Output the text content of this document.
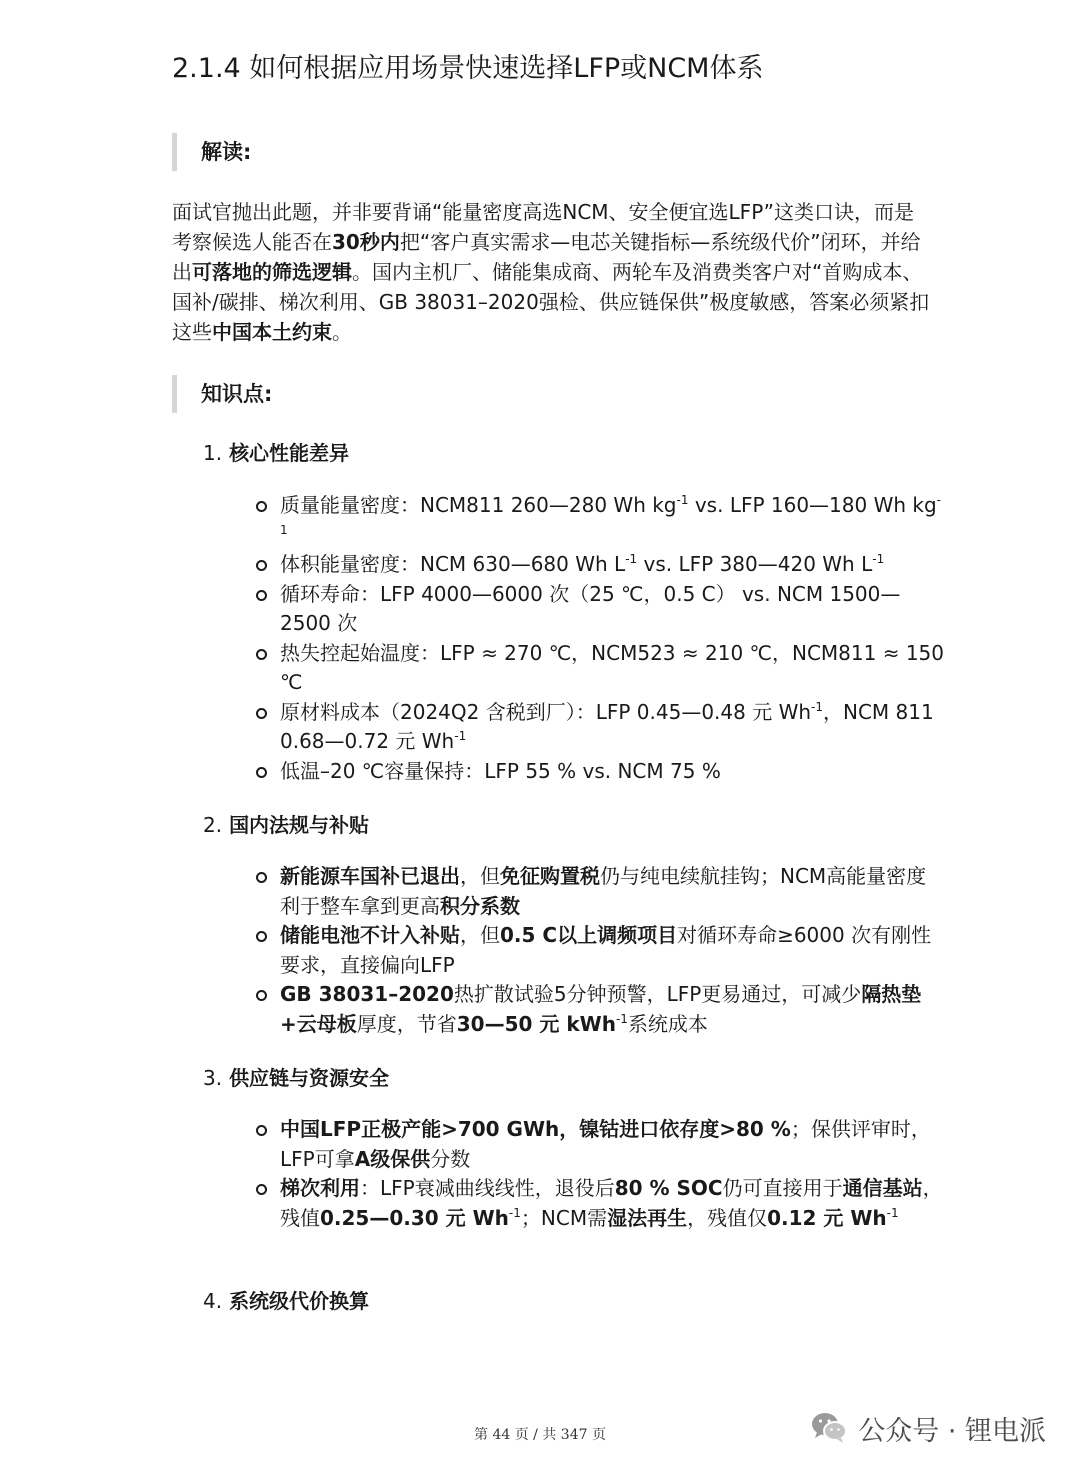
2.1.4 如何根据应用场景快速选择LFP或NCM体系
解读:

面试官抛出此题，并非要背诵“能量密度高选NCM、安全便宜选LFP”这类口诀，而是考察候选人能否在30秒内把“客户真实需求—电芯关键指标—系统级代价”闭环，并给出可落地的筛选逻辑。国内主机厂、储能集成商、两轮车及消费类客户对“首购成本、国补/碳排、梯次利用、GB 38031–2020强检、供应链保供”极度敏感，答案必须紧扣这些中国本土约束。

知识点:
1. 核心性能差异
质量能量密度：NCM811 260—280 Wh $kg^{-1}$ vs. LFP 160—180 Wh $kg^{-1}$
体积能量密度：NCM 630—680 Wh $L^{-1}$ vs. LFP 380—420 Wh $L^{-1}$
循环寿命：LFP 4000—6000 次（25 ℃，0.5 C） vs. NCM 1500—2500 次
热失控起始温度：LFP ≈ 270 ℃，NCM523 ≈ 210 ℃，NCM811 ≈ 150 ℃
原材料成本（2024Q2 含税到厂）：LFP 0.45—0.48 元 $Wh^{-1}$，NCM 811 0.68—0.72 元 $Wh^{-1}$
低温–20 ℃容量保持：LFP 55 % vs. NCM 75 %
2. 国内法规与补贴
新能源车国补已退出，但免征购置税仍与纯电续航挂钩；NCM高能量密度利于整车拿到更高积分系数
储能电池不计入补贴，但0.5 C以上调频项目对循环寿命≥6000 次有刚性要求，直接偏向LFP
GB 38031–2020热扩散试验5分钟预警，LFP更易通过，可减少隔热垫+云母板厚度，节省30—50 元 kWh$^{-1}$系统成本
3. 供应链与资源安全
中国LFP正极产能>700 GWh，镍钴进口依存度>80 %；保供评审时，LFP可拿A级保供分数
梯次利用：LFP衰减曲线线性，退役后80 % SOC仍可直接用于通信基站，残值0.25—0.30 元 $Wh^{-1}$；NCM需湿法再生，残值仅0.12 元 $Wh^{-1}$
4. 系统级代价换算
第 44 页 / 共 347 页	公众号 · 锂电派
